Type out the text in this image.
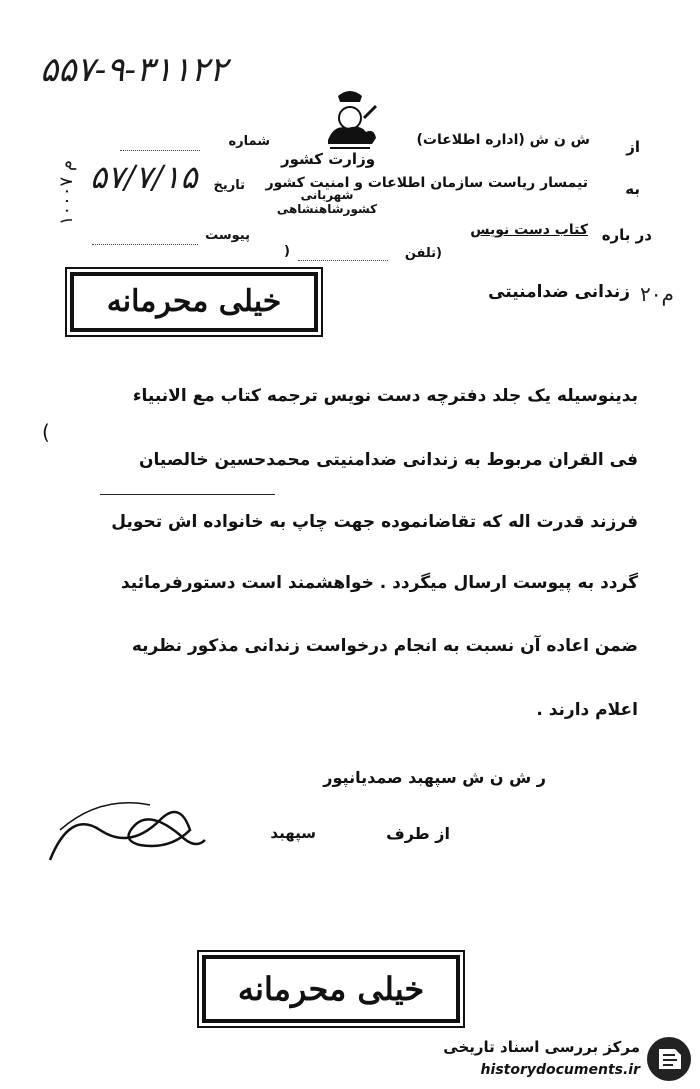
۵۵۷-۹-۳۱۱۲۲
وزارت کشور
شهربانی کشورشاهنشاهی
از
ش ن ش (اداره اطلاعات)
شماره
به
تیمسار ریاست سازمان اطلاعات و امنیت کشور
تاریخ
۵۷/۷/۱۵
در باره
کتاب دست نویس
پیوست
(تلفن
)
۱۰۰۰۷ م
خیلی محرمانه	زندانی ضدامنیتی ۲۰م
(
بدینوسیله یک جلد دفترچه دست نویس ترجمه کتاب مع الانبیاء
فی القران مربوط به زندانی ضدامنیتی محمدحسین خالصیان
فرزند قدرت اله که تقاضانموده جهت چاپ به خانواده اش تحویل
گردد به پیوست ارسال میگردد . خواهشمند است دستورفرمائید
ضمن اعاده آن نسبت به انجام درخواست زندانی مذکور نظریه
اعلام دارند .
ر ش ن ش سپهبد صمدیانپور
از طرف
سپهبد
خیلی محرمانه
مرکز بررسی اسناد تاریخی
historydocuments.ir
